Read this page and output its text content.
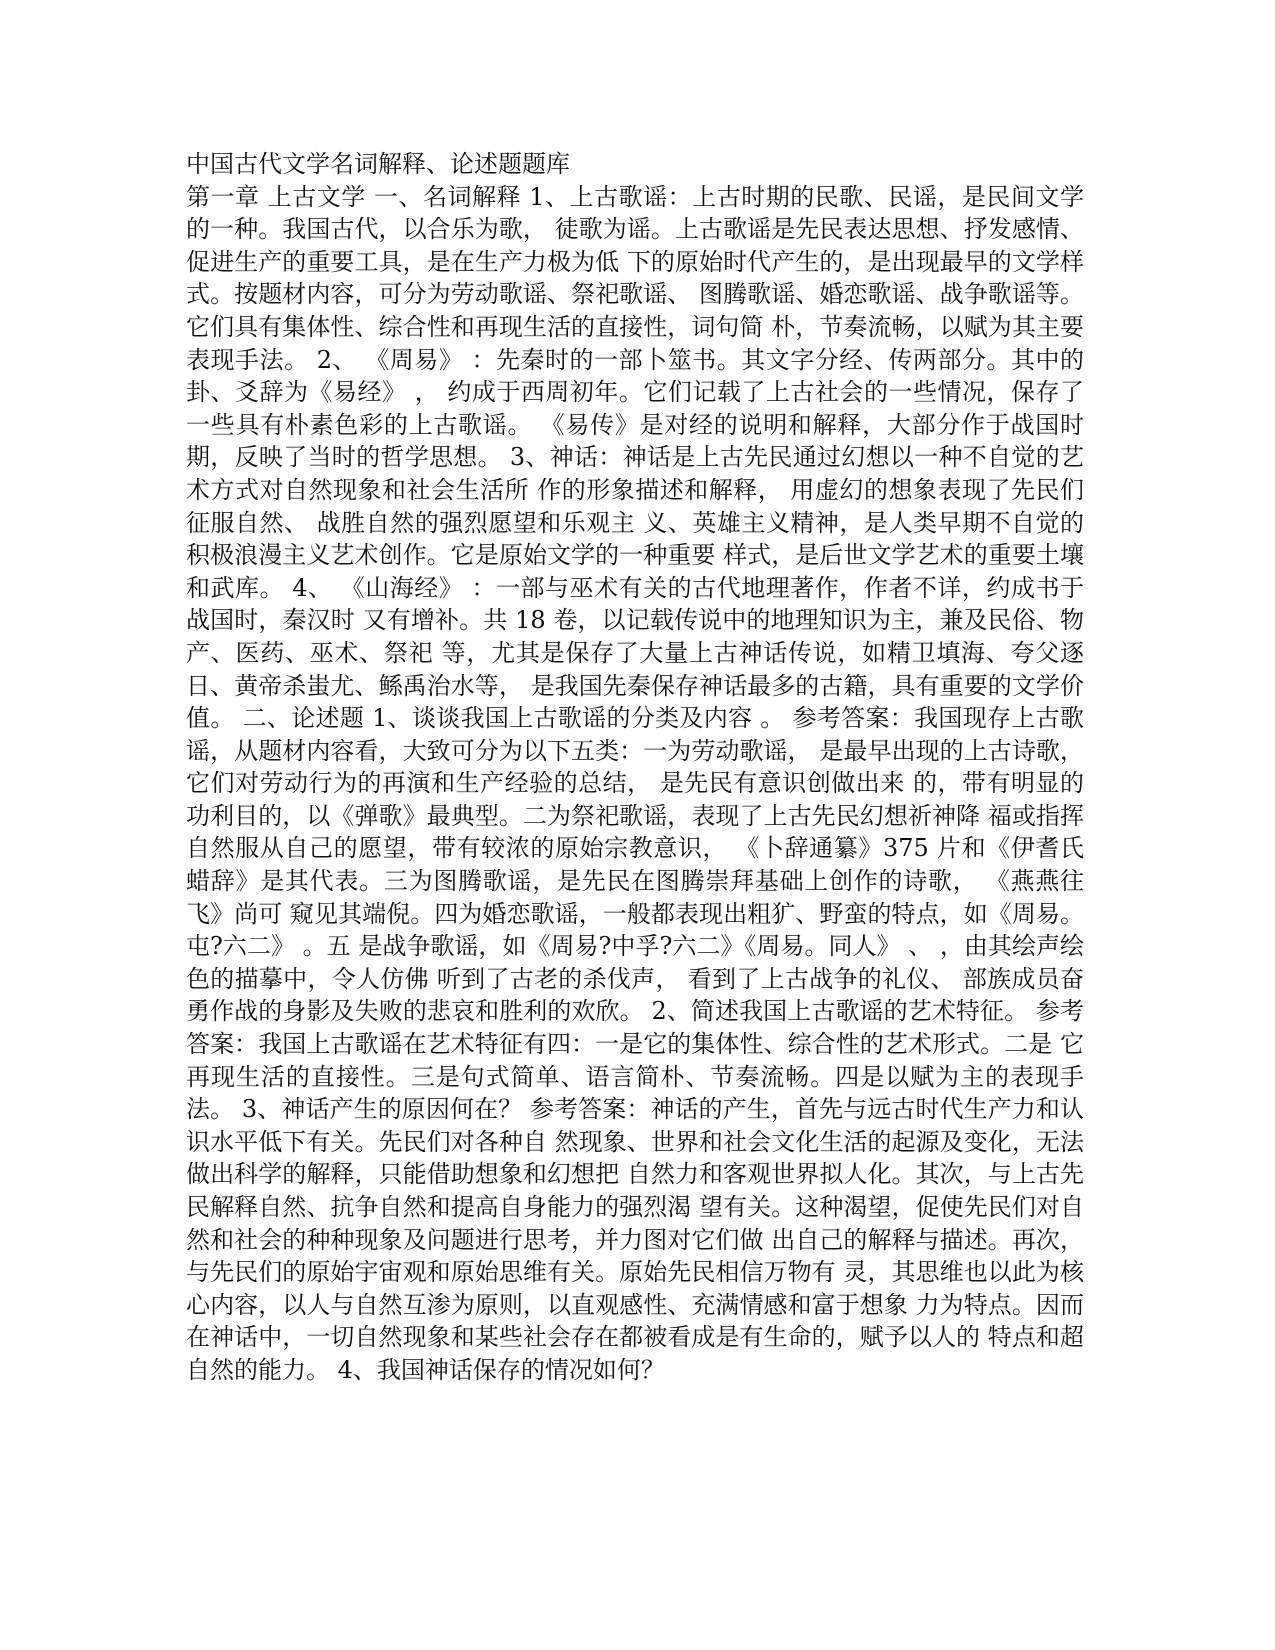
中国古代文学名词解释、论述题题库

第一章 上古文学 一、名词解释 1、上古歌谣：上古时期的民歌、民谣，是民间文学的一种。我国古代，以合乐为歌， 徒歌为谣。上古歌谣是先民表达思想、抒发感情、促进生产的重要工具，是在生产力极为低 下的原始时代产生的，是出现最早的文学样式。按题材内容，可分为劳动歌谣、祭祀歌谣、 图腾歌谣、婚恋歌谣、战争歌谣等。它们具有集体性、综合性和再现生活的直接性，词句简 朴，节奏流畅，以赋为其主要表现手法。 2、 《周易》 ：先秦时的一部卜筮书。其文字分经、传两部分。其中的卦、爻辞为《易经》 ， 约成于西周初年。它们记载了上古社会的一些情况，保存了一些具有朴素色彩的上古歌谣。 《易传》是对经的说明和解释，大部分作于战国时期，反映了当时的哲学思想。 3、神话：神话是上古先民通过幻想以一种不自觉的艺术方式对自然现象和社会生活所 作的形象描述和解释， 用虚幻的想象表现了先民们征服自然、 战胜自然的强烈愿望和乐观主 义、英雄主义精神，是人类早期不自觉的积极浪漫主义艺术创作。它是原始文学的一种重要 样式，是后世文学艺术的重要土壤和武库。 4、 《山海经》 ：一部与巫术有关的古代地理著作，作者不详，约成书于战国时，秦汉时 又有增补。共 18 卷，以记载传说中的地理知识为主，兼及民俗、物产、医药、巫术、祭祀 等，尤其是保存了大量上古神话传说，如精卫填海、夸父逐日、黄帝杀蚩尤、鲧禹治水等， 是我国先秦保存神话最多的古籍，具有重要的文学价值。 二、论述题 1、谈谈我国上古歌谣的分类及内容 。 参考答案：我国现存上古歌谣，从题材内容看，大致可分为以下五类：一为劳动歌谣， 是最早出现的上古诗歌， 它们对劳动行为的再演和生产经验的总结， 是先民有意识创做出来 的，带有明显的功利目的，以《弹歌》最典型。二为祭祀歌谣，表现了上古先民幻想祈神降 福或指挥自然服从自己的愿望，带有较浓的原始宗教意识， 《卜辞通纂》375 片和《伊耆氏 蜡辞》是其代表。三为图腾歌谣，是先民在图腾崇拜基础上创作的诗歌， 《燕燕往飞》尚可 窥见其端倪。四为婚恋歌谣，一般都表现出粗犷、野蛮的特点，如《周易。屯?六二》 。五 是战争歌谣，如《周易?中孚?六二》《周易。同人》 、 ，由其绘声绘色的描摹中，令人仿佛 听到了古老的杀伐声， 看到了上古战争的礼仪、 部族成员奋勇作战的身影及失败的悲哀和胜利的欢欣。 2、简述我国上古歌谣的艺术特征。 参考答案：我国上古歌谣在艺术特征有四：一是它的集体性、综合性的艺术形式。二是 它再现生活的直接性。三是句式简单、语言简朴、节奏流畅。四是以赋为主的表现手法。 3、神话产生的原因何在？ 参考答案：神话的产生，首先与远古时代生产力和认识水平低下有关。先民们对各种自 然现象、世界和社会文化生活的起源及变化，无法做出科学的解释，只能借助想象和幻想把 自然力和客观世界拟人化。其次，与上古先民解释自然、抗争自然和提高自身能力的强烈渴 望有关。这种渴望，促使先民们对自然和社会的种种现象及问题进行思考，并力图对它们做 出自己的解释与描述。再次，与先民们的原始宇宙观和原始思维有关。原始先民相信万物有 灵，其思维也以此为核心内容，以人与自然互渗为原则，以直观感性、充满情感和富于想象 力为特点。因而在神话中，一切自然现象和某些社会存在都被看成是有生命的，赋予以人的 特点和超自然的能力。 4、我国神话保存的情况如何？
